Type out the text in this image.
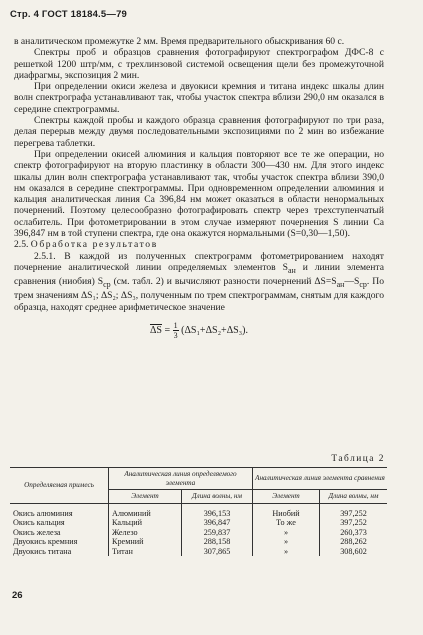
Стр. 4 ГОСТ 18184.5—79

в аналитическом промежутке 2 мм. Время предварительного обыскривания 60 с.

Спектры проб и образцов сравнения фотографируют спектрографом ДФС-8 с решеткой 1200 штр/мм, с трехлинзовой системой освещения щели без промежуточной диафрагмы, экспозиция 2 мин.

При определении окиси железа и двуокиси кремния и титана индекс шкалы длин волн спектрографа устанавливают так, чтобы участок спектра вблизи 290,0 нм оказался в середине спектрограммы.

Спектры каждой пробы и каждого образца сравнения фотографируют по три раза, делая перерыв между двумя последовательными экспозициями по 2 мин во избежание перегрева таблетки.

При определении окисей алюминия и кальция повторяют все те же операции, но спектр фотографируют на вторую пластинку в области 300—430 нм. Для этого индекс шкалы длин волн спектрографа устанавливают так, чтобы участок спектра вблизи 390,0 нм оказался в середине спектрограммы. При одновременном определении алюминия и кальция аналитическая линия Са 396,84 нм может оказаться в области ненормальных почернений. Поэтому целесообразно фотографировать спектр через трехступенчатый ослабитель. При фотометрировании в этом случае измеряют почернения S линии Са 396,847 нм в той ступени спектра, где она окажутся нормальными (S=0,30—1,50).

2.5. Обработка результатов

2.5.1. В каждой из полученных спектрограмм фотометрированием находят почернение аналитической линии определяемых элементов $S_{ан}$ и линии элемента сравнения (ниобия) $S_{ср}$ (см. табл. 2) и вычисляют разности почернений $\Delta S=S_{ан}—S_{ср}$. По трем значениям ΔS₁; ΔS₂; ΔS₃, полученным по трем спектрограммам, снятым для каждого образца, находят среднее арифметическое значение

$\overline{\Delta S} = \frac{1}{3} (\Delta S_1+\Delta S_2+\Delta S_3)$.
Таблица 2
Определяемая примесь	Аналитическая линия определяемого элемента		Аналитическая линия элемента сравнения	
	Элемент	Длина волны, нм	Элемент	Длина волны, нм
Окись алюминия	Алюминий	396,153	Ниобий	397,252
Окись кальция	Кальций	396,847	То же	397,252
Окись железа	Железо	259,837	»	260,373
Двуокись кремния	Кремний	288,158	»	288,262
Двуокись титана	Титан	307,865	»	308,602
26
